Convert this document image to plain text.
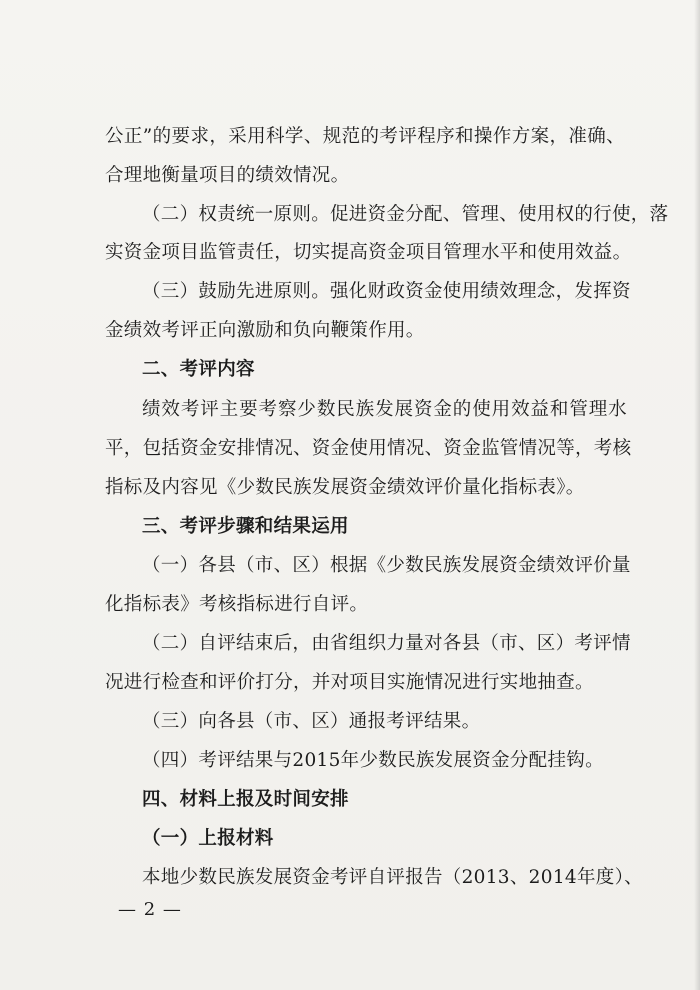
公正”的要求，采用科学、规范的考评程序和操作方案，准确、
合理地衡量项目的绩效情况。
（二）权责统一原则。促进资金分配、管理、使用权的行使，落
实资金项目监管责任，切实提高资金项目管理水平和使用效益。
（三）鼓励先进原则。强化财政资金使用绩效理念，发挥资
金绩效考评正向激励和负向鞭策作用。
二、考评内容
绩效考评主要考察少数民族发展资金的使用效益和管理水
平，包括资金安排情况、资金使用情况、资金监管情况等，考核
指标及内容见《少数民族发展资金绩效评价量化指标表》。
三、考评步骤和结果运用
（一）各县（市、区）根据《少数民族发展资金绩效评价量
化指标表》考核指标进行自评。
（二）自评结束后，由省组织力量对各县（市、区）考评情
况进行检查和评价打分，并对项目实施情况进行实地抽查。
（三）向各县（市、区）通报考评结果。
（四）考评结果与2015年少数民族发展资金分配挂钩。
四、材料上报及时间安排
（一）上报材料
本地少数民族发展资金考评自评报告（2013、2014年度）、
— 2 —
